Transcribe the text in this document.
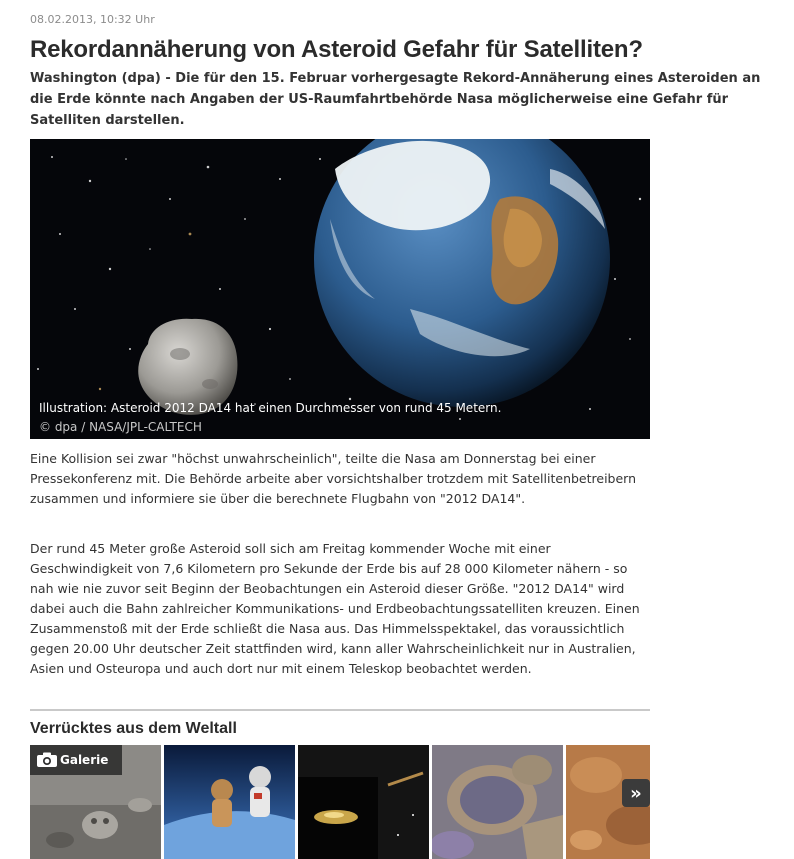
08.02.2013, 10:32 Uhr
Rekordannäherung von Asteroid Gefahr für Satelliten?

Washington (dpa) - Die für den 15. Februar vorhergesagte Rekord-Annäherung eines Asteroiden an die Erde könnte nach Angaben der US-Raumfahrtbehörde Nasa möglicherweise eine Gefahr für Satelliten darstellen.

Illustration: Asteroid 2012 DA14 hat einen Durchmesser von rund 45 Metern. © dpa / NASA/JPL-CALTECH

Eine Kollision sei zwar "höchst unwahrscheinlich", teilte die Nasa am Donnerstag bei einer Pressekonferenz mit. Die Behörde arbeite aber vorsichtshalber trotzdem mit Satellitenbetreibern zusammen und informiere sie über die berechnete Flugbahn von "2012 DA14".

Der rund 45 Meter große Asteroid soll sich am Freitag kommender Woche mit einer Geschwindigkeit von 7,6 Kilometern pro Sekunde der Erde bis auf 28 000 Kilometer nähern - so nah wie nie zuvor seit Beginn der Beobachtungen ein Asteroid dieser Größe. "2012 DA14" wird dabei auch die Bahn zahlreicher Kommunikations- und Erdbeobachtungssatelliten kreuzen. Einen Zusammenstoß mit der Erde schließt die Nasa aus. Das Himmelsspektakel, das voraussichtlich gegen 20.00 Uhr deutscher Zeit stattfinden wird, kann aller Wahrscheinlichkeit nur in Australien, Asien und Osteuropa und auch dort nur mit einem Teleskop beobachtet werden.

Verrücktes aus dem Weltall
Galerie
»
